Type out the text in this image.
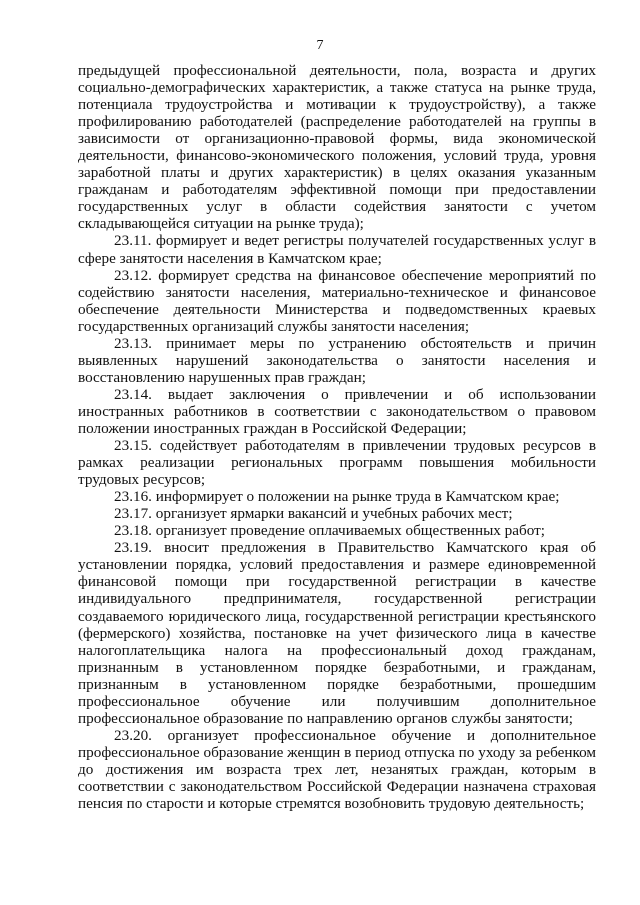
7

предыдущей профессиональной деятельности, пола, возраста и других социально-демографических характеристик, а также статуса на рынке труда, потенциала трудоустройства и мотивации к трудоустройству), а также профилированию работодателей (распределение работодателей на группы в зависимости от организационно-правовой формы, вида экономической деятельности, финансово-экономического положения, условий труда, уровня заработной платы и других характеристик) в целях оказания указанным гражданам и работодателям эффективной помощи при предоставлении государственных услуг в области содействия занятости с учетом складывающейся ситуации на рынке труда);

23.11. формирует и ведет регистры получателей государственных услуг в сфере занятости населения в Камчатском крае;

23.12. формирует средства на финансовое обеспечение мероприятий по содействию занятости населения, материально-техническое и финансовое обеспечение деятельности Министерства и подведомственных краевых государственных организаций службы занятости населения;

23.13. принимает меры по устранению обстоятельств и причин выявленных нарушений законодательства о занятости населения и восстановлению нарушенных прав граждан;

23.14. выдает заключения о привлечении и об использовании иностранных работников в соответствии с законодательством о правовом положении иностранных граждан в Российской Федерации;

23.15. содействует работодателям в привлечении трудовых ресурсов в рамках реализации региональных программ повышения мобильности трудовых ресурсов;

23.16. информирует о положении на рынке труда в Камчатском крае;

23.17. организует ярмарки вакансий и учебных рабочих мест;

23.18. организует проведение оплачиваемых общественных работ;

23.19. вносит предложения в Правительство Камчатского края об установлении порядка, условий предоставления и размере единовременной финансовой помощи при государственной регистрации в качестве индивидуального предпринимателя, государственной регистрации создаваемого юридического лица, государственной регистрации крестьянского (фермерского) хозяйства, постановке на учет физического лица в качестве налогоплательщика налога на профессиональный доход гражданам, признанным в установленном порядке безработными, и гражданам, признанным в установленном порядке безработными, прошедшим профессиональное обучение или получившим дополнительное профессиональное образование по направлению органов службы занятости;

23.20. организует профессиональное обучение и дополнительное профессиональное образование женщин в период отпуска по уходу за ребенком до достижения им возраста трех лет, незанятых граждан, которым в соответствии с законодательством Российской Федерации назначена страховая пенсия по старости и которые стремятся возобновить трудовую деятельность;
